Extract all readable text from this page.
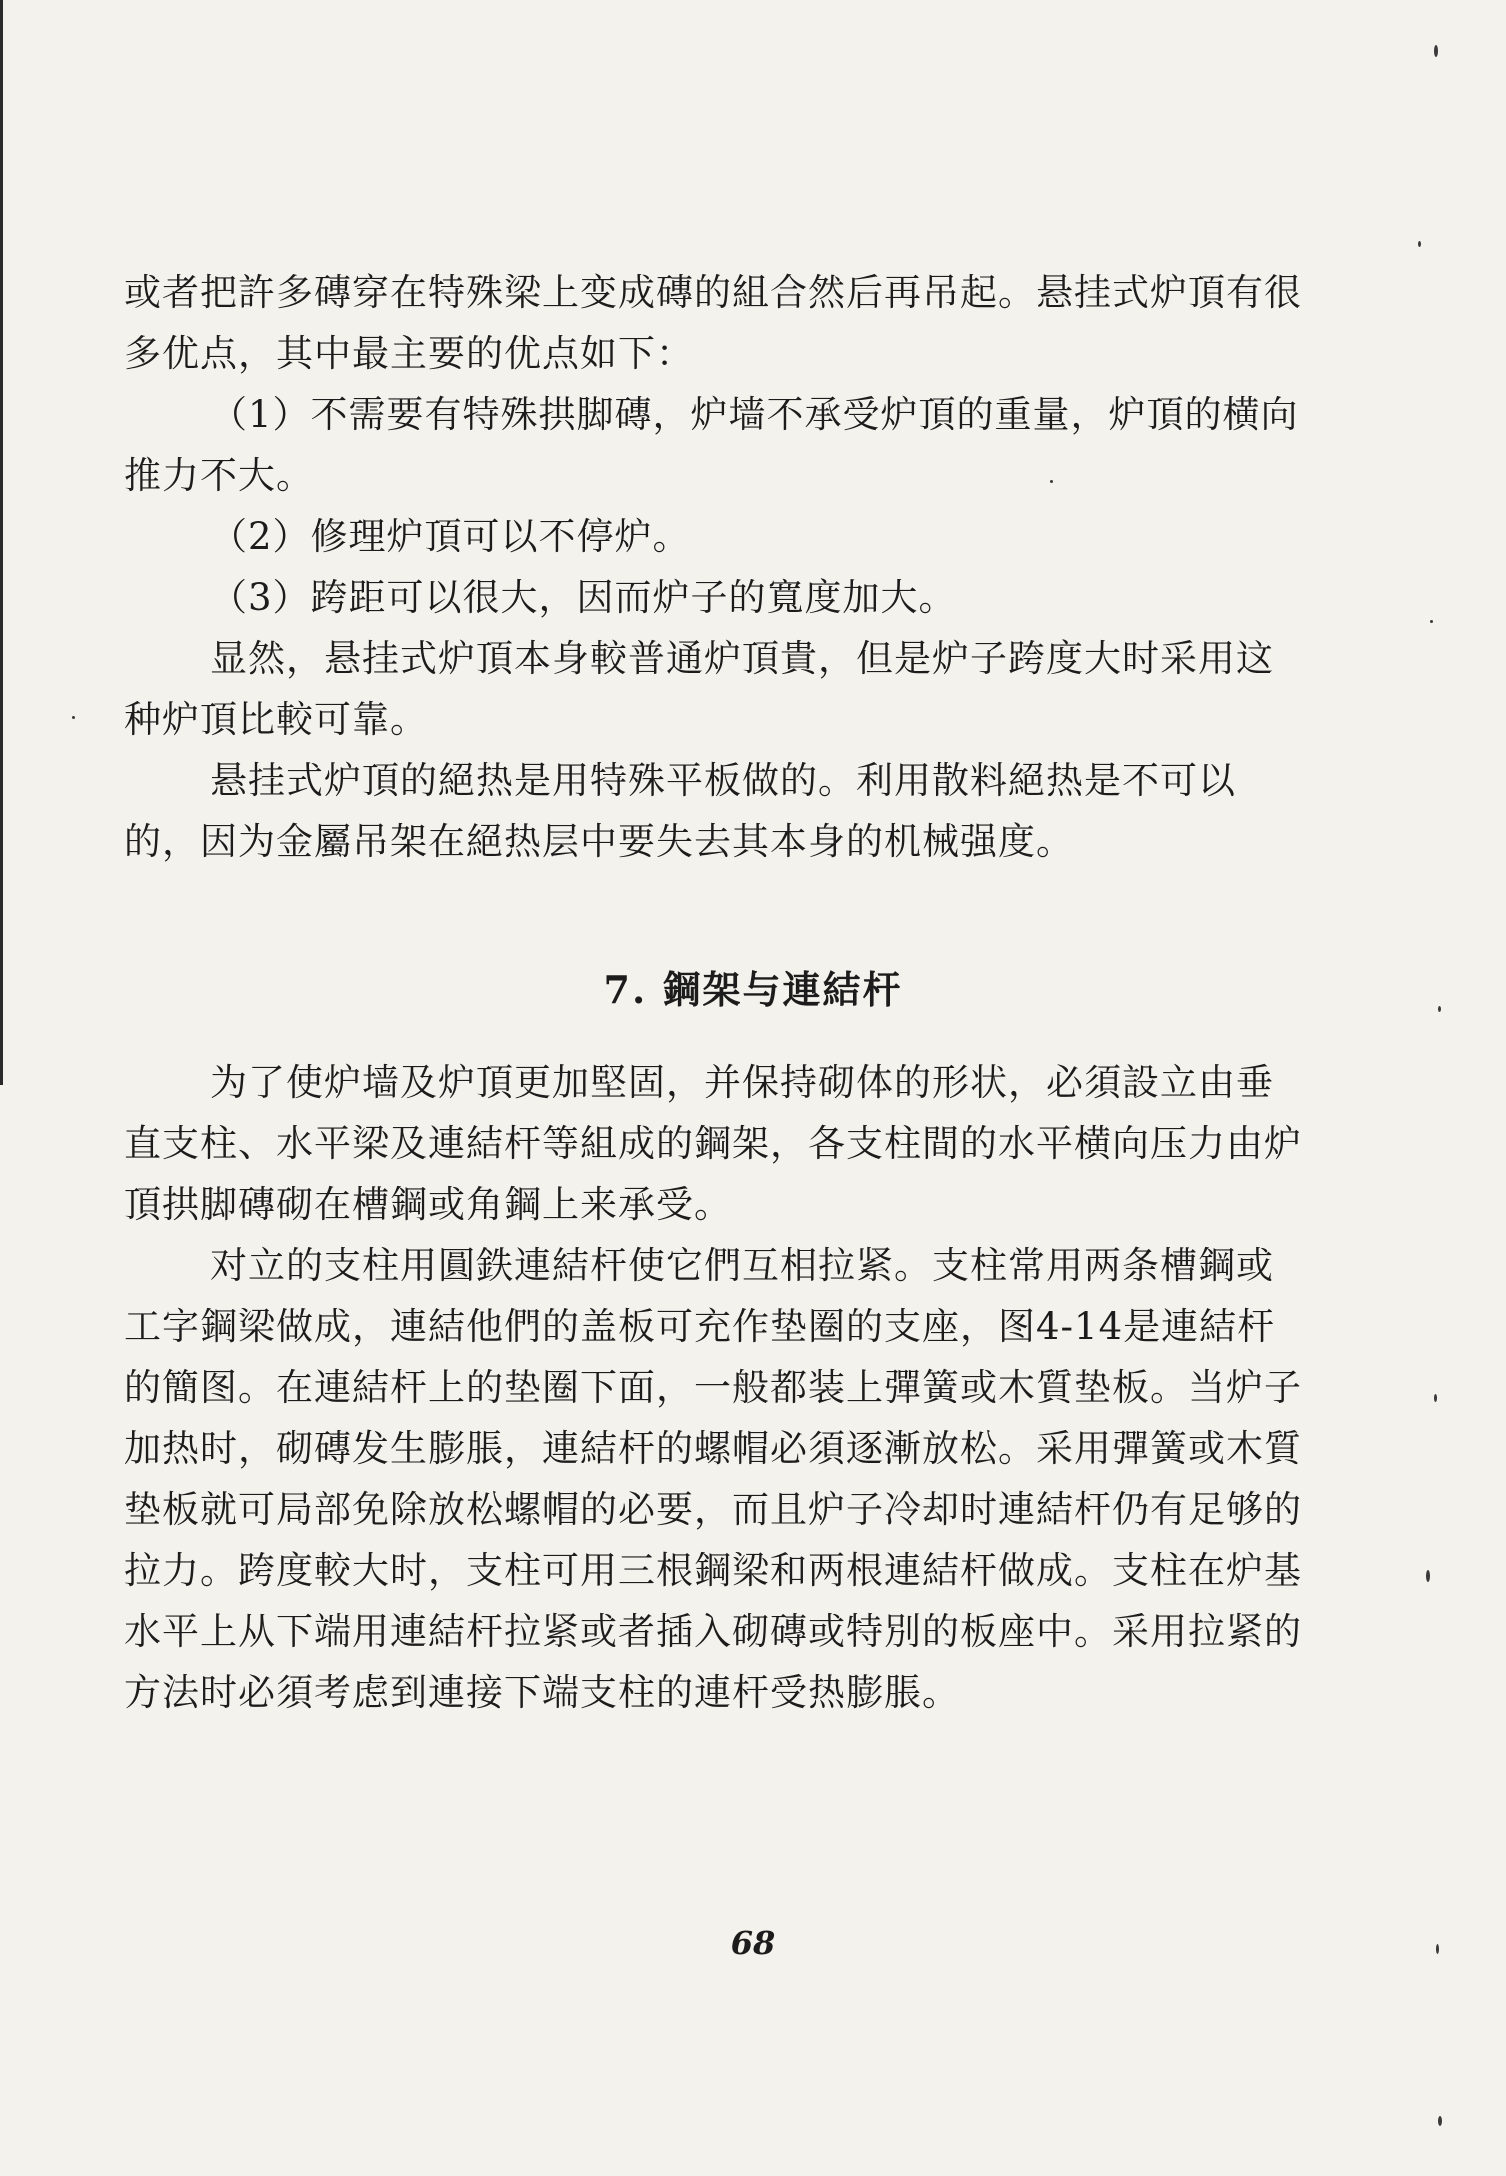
或者把許多磚穿在特殊梁上变成磚的組合然后再吊起。悬挂式炉頂有很多优点，其中最主要的优点如下：

（1）不需要有特殊拱脚磚，炉墙不承受炉頂的重量，炉頂的横向推力不大。

（2）修理炉頂可以不停炉。

（3）跨距可以很大，因而炉子的寬度加大。

显然，悬挂式炉頂本身較普通炉頂貴，但是炉子跨度大时采用这种炉頂比較可靠。

悬挂式炉頂的絕热是用特殊平板做的。利用散料絕热是不可以的，因为金屬吊架在絕热层中要失去其本身的机械强度。

7. 鋼架与連結杆

为了使炉墙及炉頂更加堅固，并保持砌体的形状，必須設立由垂直支柱、水平梁及連結杆等組成的鋼架，各支柱間的水平横向压力由炉頂拱脚磚砌在槽鋼或角鋼上来承受。

对立的支柱用圓鉄連結杆使它們互相拉紧。支柱常用两条槽鋼或工字鋼梁做成，連結他們的盖板可充作垫圈的支座，图4-14是連結杆的簡图。在連結杆上的垫圈下面，一般都装上彈簧或木質垫板。当炉子加热时，砌磚发生膨脹，連結杆的螺帽必須逐漸放松。采用彈簧或木質垫板就可局部免除放松螺帽的必要，而且炉子冷却时連結杆仍有足够的拉力。跨度較大时，支柱可用三根鋼梁和两根連結杆做成。支柱在炉基水平上从下端用連結杆拉紧或者插入砌磚或特別的板座中。采用拉紧的方法时必須考虑到連接下端支柱的連杆受热膨脹。

68
